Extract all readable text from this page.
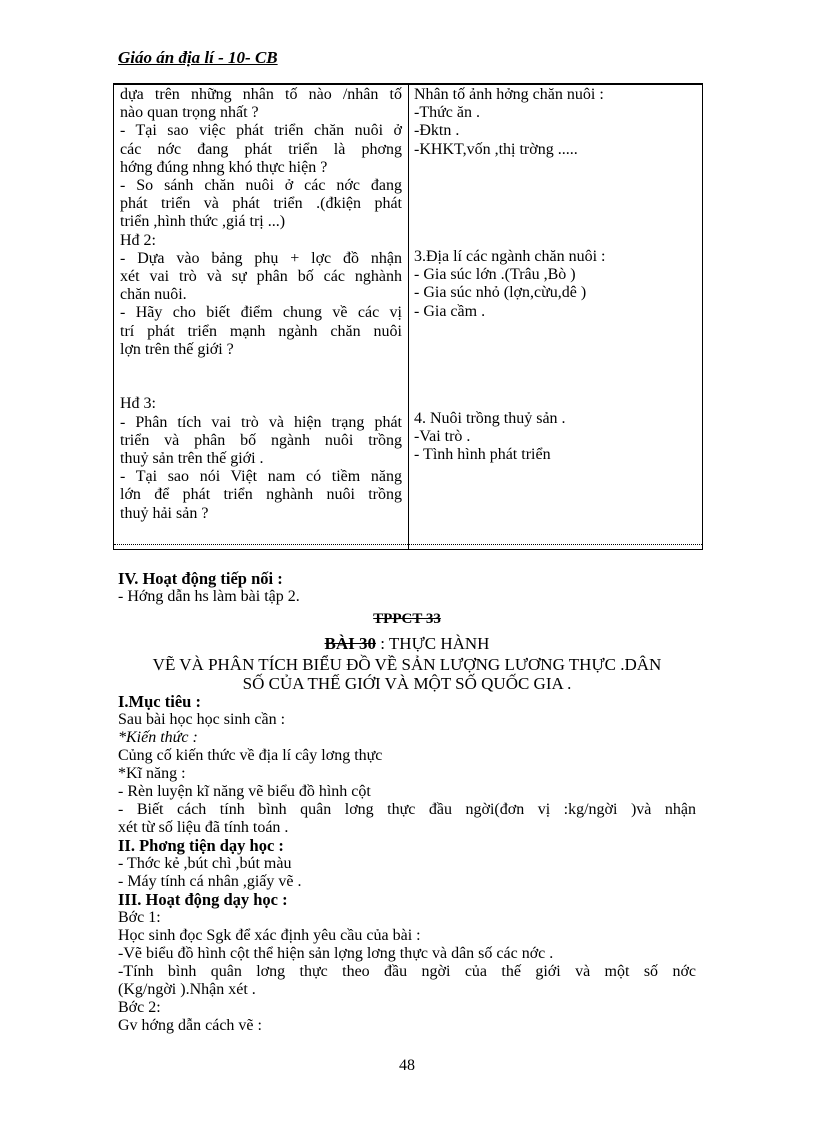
Giáo án địa lí - 10- CB
dựa trên những nhân tố nào /nhân tố
nào quan trọng nhất ?
- Tại sao việc phát triển chăn nuôi ở
các nớc đang phát triển là phơng
hớng đúng nhng khó thực hiện ?
- So sánh chăn nuôi ở các nớc đang
phát triển và phát triển .(đkiện phát
triển ,hình thức ,giá trị ...)
Hđ 2:
- Dựa vào bảng phụ + lợc đồ nhận
xét vai trò và sự phân bố các nghành
chăn nuôi.
- Hãy cho biết điểm chung về các vị
trí phát triển mạnh ngành chăn nuôi
lợn trên thế giới ?

Hđ 3:
- Phân tích vai trò và hiện trạng phát
triển và phân bố ngành nuôi trồng
thuỷ sản trên thế giới .
- Tại sao nói Việt nam có tiềm năng
lớn để phát triển nghành nuôi trồng
thuỷ hải sản ?
Nhân tố ảnh hởng chăn nuôi :
-Thức ăn .
-Đktn .
-KHKT,vốn ,thị trờng .....
3.Địa lí các ngành chăn nuôi :
- Gia súc lớn .(Trâu ,Bò )
- Gia súc nhỏ (lợn,cừu,dê )
- Gia cầm .
4. Nuôi trồng thuỷ sản .
-Vai trò .
- Tình hình phát triển
IV. Hoạt động tiếp nối :
- Hớng dẫn hs làm bài tập 2.
TPPCT 33
BÀI 30 : THỰC HÀNH
VẼ VÀ PHÂN TÍCH BIỂU ĐỒ VỀ SẢN LƯỢNG LƯƠNG THỰC .DÂN
SỐ CỦA THẾ GIỚI VÀ MỘT SỐ QUỐC GIA .
I.Mục tiêu :
Sau bài học học sinh cần :
*Kiến thức :
Củng cố kiến thức về địa lí cây lơng thực
*Kĩ năng :
- Rèn luyện kĩ năng vẽ biểu đồ hình cột
- Biết cách tính bình quân lơng thực đầu ngời(đơn vị :kg/ngời )và nhận
xét từ số liệu đã tính toán .
II. Phơng tiện dạy học :
- Thớc kẻ ,bút chì ,bút màu
- Máy tính cá nhân ,giấy vẽ .
III. Hoạt động dạy học :
Bớc 1:
Học sinh đọc Sgk để xác định yêu cầu của bài :
-Vẽ biểu đồ hình cột thể hiện sản lợng lơng thực và dân số các nớc .
-Tính bình quân lơng thực theo đầu ngời của thế giới và một số nớc
(Kg/ngời ).Nhận xét .
Bớc 2:
Gv hớng dẫn cách vẽ :
48
